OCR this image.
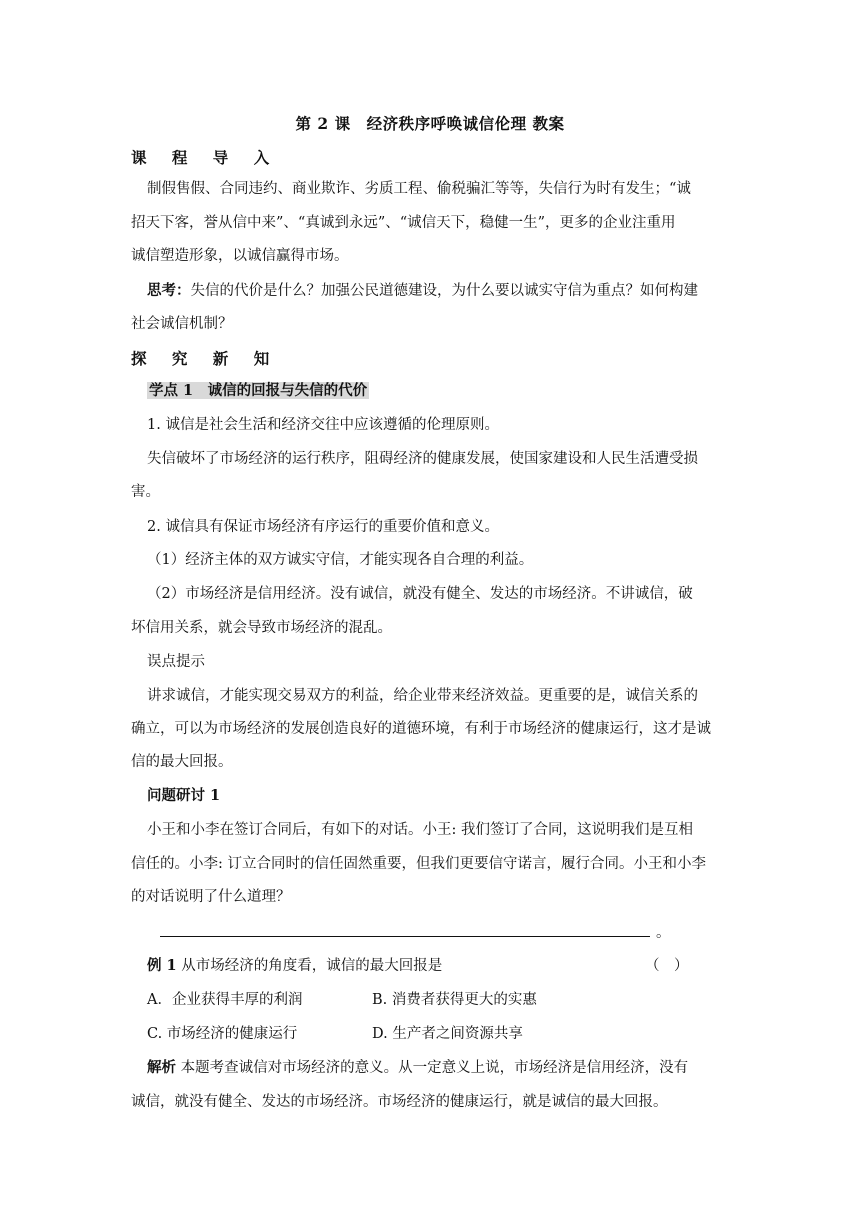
第 2 课　经济秩序呼唤诚信伦理 教案
课 程 导 入
制假售假、合同违约、商业欺诈、劣质工程、偷税骗汇等等，失信行为时有发生；“诚
招天下客，誉从信中来”、“真诚到永远”、“诚信天下，稳健一生”，更多的企业注重用
诚信塑造形象，以诚信赢得市场。
思考：失信的代价是什么？加强公民道德建设，为什么要以诚实守信为重点？如何构建
社会诚信机制？
探 究 新 知
学点 1　诚信的回报与失信的代价
1. 诚信是社会生活和经济交往中应该遵循的伦理原则。
失信破坏了市场经济的运行秩序，阻碍经济的健康发展，使国家建设和人民生活遭受损
害。
2. 诚信具有保证市场经济有序运行的重要价值和意义。
（1）经济主体的双方诚实守信，才能实现各自合理的利益。
（2）市场经济是信用经济。没有诚信，就没有健全、发达的市场经济。不讲诚信，破
坏信用关系，就会导致市场经济的混乱。
误点提示
讲求诚信，才能实现交易双方的利益，给企业带来经济效益。更重要的是，诚信关系的
确立，可以为市场经济的发展创造良好的道德环境，有利于市场经济的健康运行，这才是诚
信的最大回报。
问题研讨 1
小王和小李在签订合同后，有如下的对话。小王: 我们签订了合同，这说明我们是互相
信任的。小李: 订立合同时的信任固然重要，但我们更要信守诺言，履行合同。小王和小李
的对话说明了什么道理？
。
例 1 从市场经济的角度看，诚信的最大回报是	（　）
A．企业获得丰厚的利润	B. 消费者获得更大的实惠
C. 市场经济的健康运行	D. 生产者之间资源共享
解析 本题考查诚信对市场经济的意义。从一定意义上说，市场经济是信用经济，没有
诚信，就没有健全、发达的市场经济。市场经济的健康运行，就是诚信的最大回报。
